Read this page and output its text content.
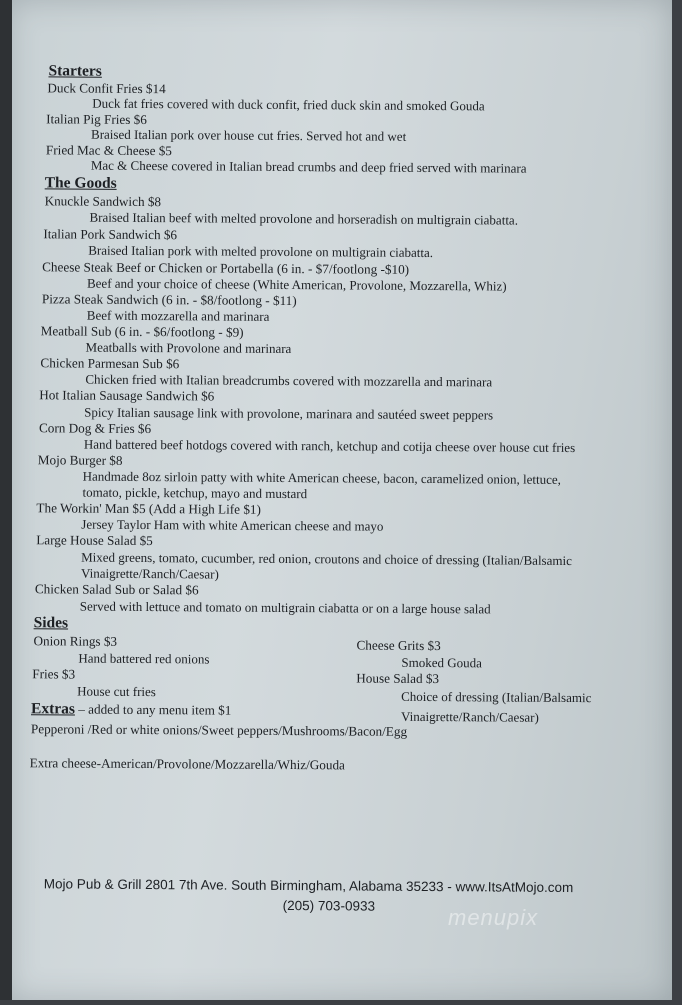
Starters
Duck Confit Fries $14
Duck fat fries covered with duck confit, fried duck skin and smoked Gouda
Italian Pig Fries $6
Braised Italian pork over house cut fries. Served hot and wet
Fried Mac & Cheese $5
Mac & Cheese covered in Italian bread crumbs and deep fried served with marinara
The Goods
Knuckle Sandwich $8
Braised Italian beef with melted provolone and horseradish on multigrain ciabatta.
Italian Pork Sandwich $6
Braised Italian pork with melted provolone on multigrain ciabatta.
Cheese Steak Beef or Chicken or Portabella (6 in. - $7/footlong -$10)
Beef and your choice of cheese (White American, Provolone, Mozzarella, Whiz)
Pizza Steak Sandwich (6 in. - $8/footlong - $11)
Beef with mozzarella and marinara
Meatball Sub (6 in. - $6/footlong - $9)
Meatballs with Provolone and marinara
Chicken Parmesan Sub $6
Chicken fried with Italian breadcrumbs covered with mozzarella and marinara
Hot Italian Sausage Sandwich $6
Spicy Italian sausage link with provolone, marinara and sautéed sweet peppers
Corn Dog & Fries $6
Hand battered beef hotdogs covered with ranch, ketchup and cotija cheese over house cut fries
Mojo Burger $8
Handmade 8oz sirloin patty with white American cheese, bacon, caramelized onion, lettuce,
tomato, pickle, ketchup, mayo and mustard
The Workin' Man $5 (Add a High Life $1)
Jersey Taylor Ham with white American cheese and mayo
Large House Salad $5
Mixed greens, tomato, cucumber, red onion, croutons and choice of dressing (Italian/Balsamic
Vinaigrette/Ranch/Caesar)
Chicken Salad Sub or Salad $6
Served with lettuce and tomato on multigrain ciabatta or on a large house salad
Sides
Onion Rings $3
Hand battered red onions
Fries $3
House cut fries
Cheese Grits $3
Smoked Gouda
House Salad $3
Choice of dressing (Italian/Balsamic
Vinaigrette/Ranch/Caesar)
Extras – added to any menu item $1
Pepperoni /Red or white onions/Sweet peppers/Mushrooms/Bacon/Egg
Extra cheese-American/Provolone/Mozzarella/Whiz/Gouda
Mojo Pub & Grill 2801 7th Ave. South Birmingham, Alabama 35233 - www.ItsAtMojo.com
(205) 703-0933	menupix
